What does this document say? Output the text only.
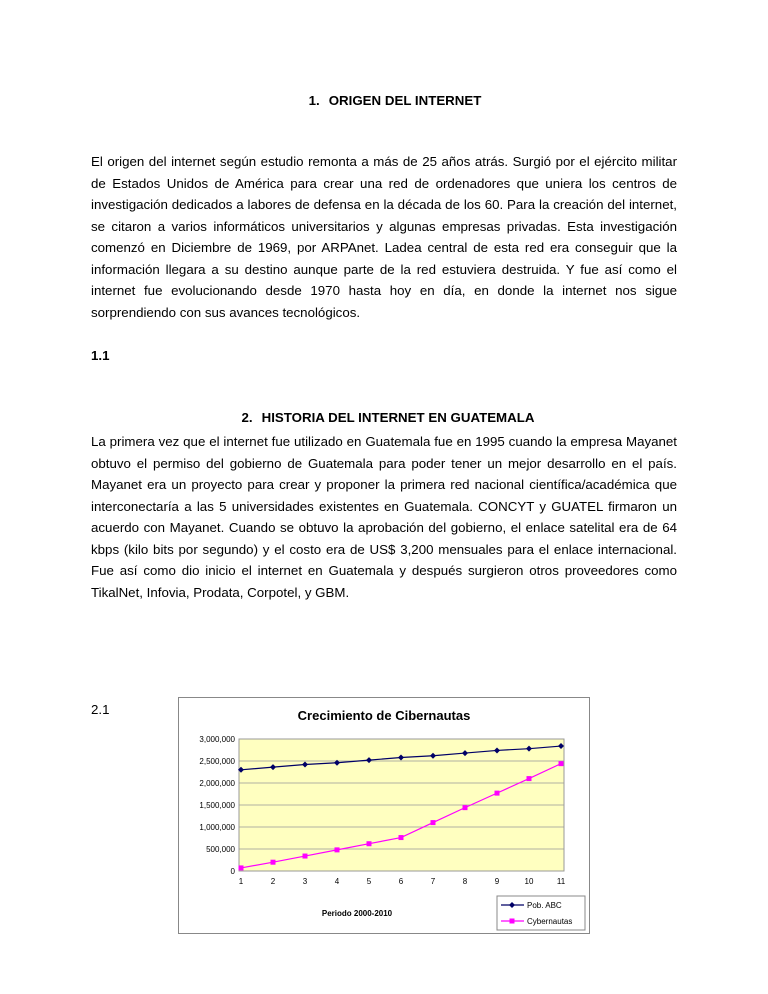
1. ORIGEN DEL INTERNET
El origen del internet según estudio remonta a más de 25 años atrás. Surgió por el ejército militar de Estados Unidos de América para crear una red de ordenadores que uniera los centros de investigación dedicados a labores de defensa en la década de los 60. Para la creación del internet, se citaron a varios informáticos universitarios y algunas empresas privadas. Esta investigación comenzó en Diciembre de 1969, por ARPAnet. Ladea central de esta red era conseguir que la información llegara a su destino aunque parte de la red estuviera destruida. Y fue así como el internet fue evolucionando desde 1970 hasta hoy en día, en donde la internet nos sigue sorprendiendo con sus avances tecnológicos.
1.1
2. HISTORIA DEL INTERNET EN GUATEMALA
La primera vez que el internet fue utilizado en Guatemala fue en 1995 cuando la empresa Mayanet obtuvo el permiso del gobierno de Guatemala para poder tener un mejor desarrollo en el país. Mayanet era un proyecto para crear y proponer la primera red nacional científica/académica que interconectaría a las 5 universidades existentes en Guatemala. CONCYT y GUATEL firmaron un acuerdo con Mayanet. Cuando se obtuvo la aprobación del gobierno, el enlace satelital era de 64 kbps (kilo bits por segundo) y el costo era de US$ 3,200 mensuales para el enlace internacional. Fue así como dio inicio el internet en Guatemala y después surgieron otros proveedores como TikalNet, Infovia, Prodata, Corpotel, y GBM.
2.1	Crecimiento de Cibernautas
Periodo 2000-2010
0
500,000
1,000,000
1,500,000
2,000,000
2,500,000
3,000,000
1	2	3	4	5	6	7	8	9	10	11
Pob. ABC
Cybernautas
